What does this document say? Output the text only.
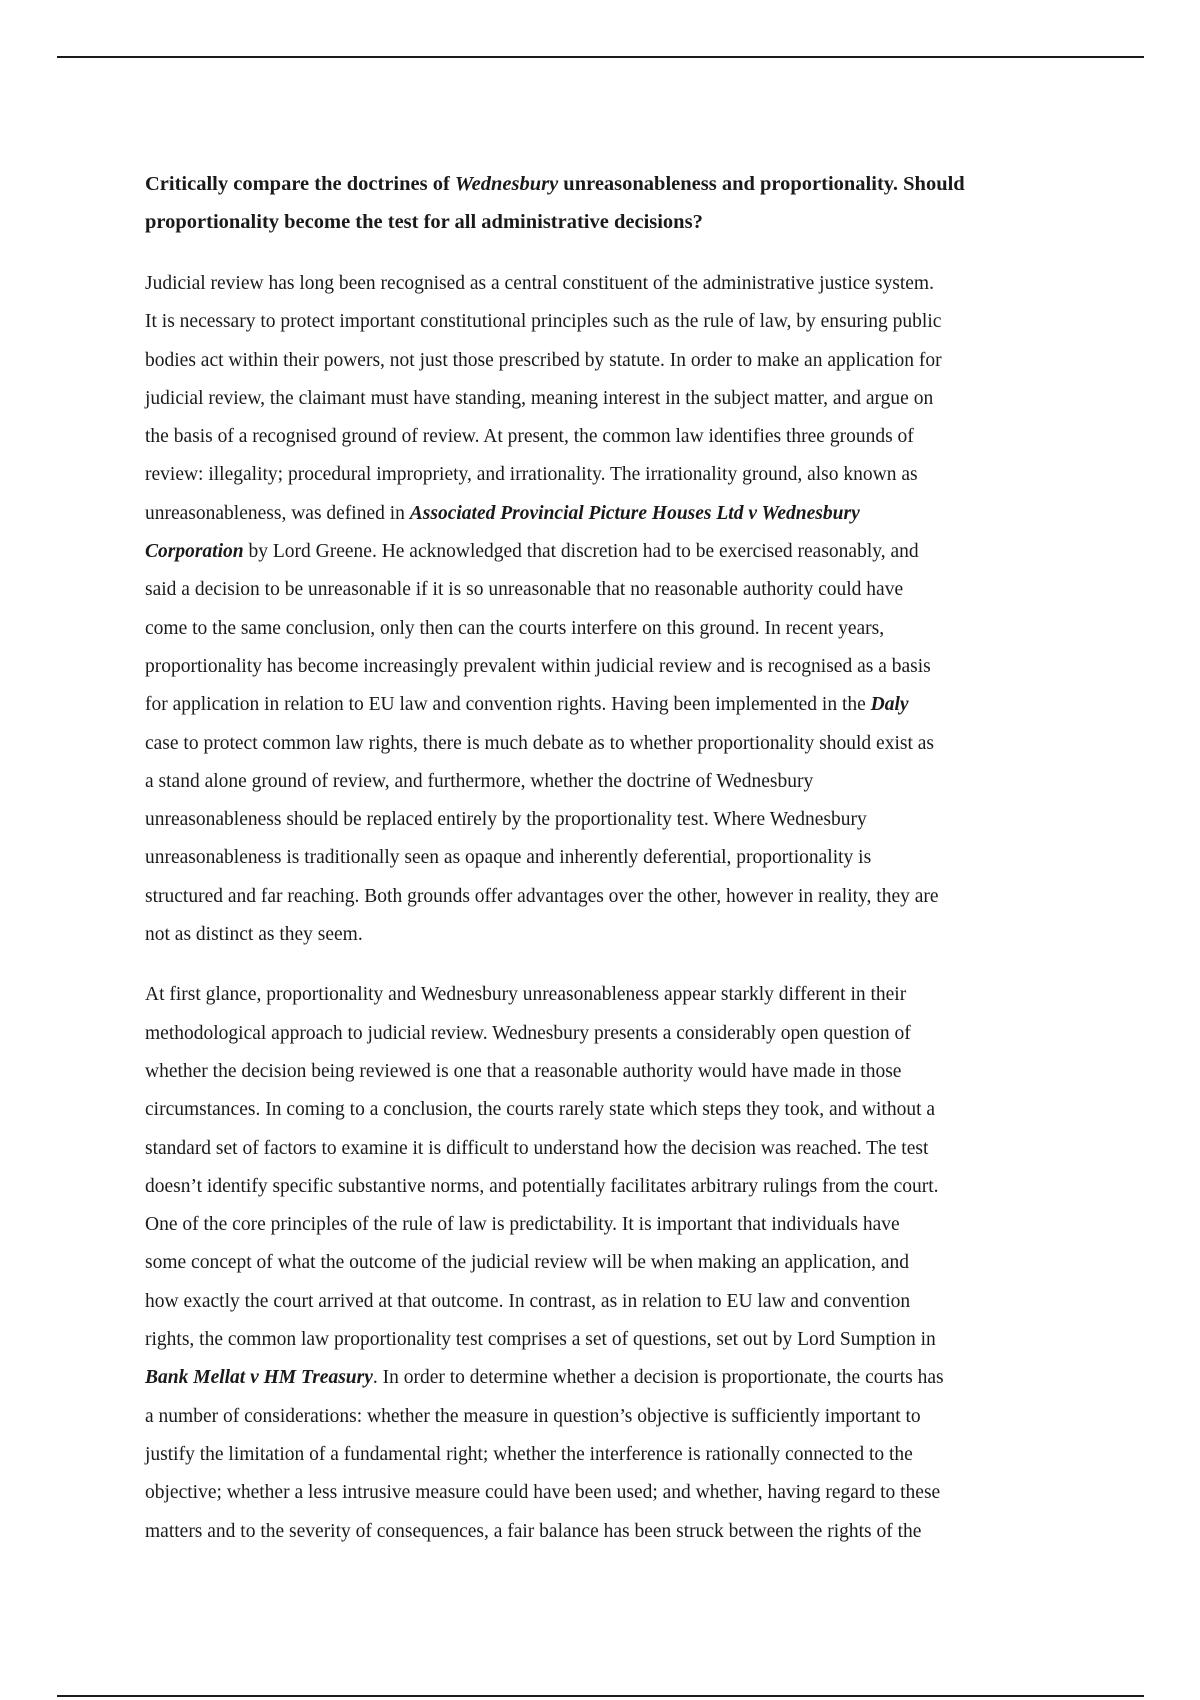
Critically compare the doctrines of Wednesbury unreasonableness and proportionality. Should
proportionality become the test for all administrative decisions?
Judicial review has long been recognised as a central constituent of the administrative justice system.
It is necessary to protect important constitutional principles such as the rule of law, by ensuring public
bodies act within their powers, not just those prescribed by statute. In order to make an application for
judicial review, the claimant must have standing, meaning interest in the subject matter, and argue on
the basis of a recognised ground of review. At present, the common law identifies three grounds of
review: illegality; procedural impropriety, and irrationality. The irrationality ground, also known as
unreasonableness, was defined in Associated Provincial Picture Houses Ltd v Wednesbury
Corporation by Lord Greene. He acknowledged that discretion had to be exercised reasonably, and
said a decision to be unreasonable if it is so unreasonable that no reasonable authority could have
come to the same conclusion, only then can the courts interfere on this ground. In recent years,
proportionality has become increasingly prevalent within judicial review and is recognised as a basis
for application in relation to EU law and convention rights. Having been implemented in the Daly
case to protect common law rights, there is much debate as to whether proportionality should exist as
a stand alone ground of review, and furthermore, whether the doctrine of Wednesbury
unreasonableness should be replaced entirely by the proportionality test. Where Wednesbury
unreasonableness is traditionally seen as opaque and inherently deferential, proportionality is
structured and far reaching. Both grounds offer advantages over the other, however in reality, they are
not as distinct as they seem.
At first glance, proportionality and Wednesbury unreasonableness appear starkly different in their
methodological approach to judicial review. Wednesbury presents a considerably open question of
whether the decision being reviewed is one that a reasonable authority would have made in those
circumstances. In coming to a conclusion, the courts rarely state which steps they took, and without a
standard set of factors to examine it is difficult to understand how the decision was reached. The test
doesn’t identify specific substantive norms, and potentially facilitates arbitrary rulings from the court.
One of the core principles of the rule of law is predictability. It is important that individuals have
some concept of what the outcome of the judicial review will be when making an application, and
how exactly the court arrived at that outcome. In contrast, as in relation to EU law and convention
rights, the common law proportionality test comprises a set of questions, set out by Lord Sumption in
Bank Mellat v HM Treasury. In order to determine whether a decision is proportionate, the courts has
a number of considerations: whether the measure in question’s objective is sufficiently important to
justify the limitation of a fundamental right; whether the interference is rationally connected to the
objective; whether a less intrusive measure could have been used; and whether, having regard to these
matters and to the severity of consequences, a fair balance has been struck between the rights of the
